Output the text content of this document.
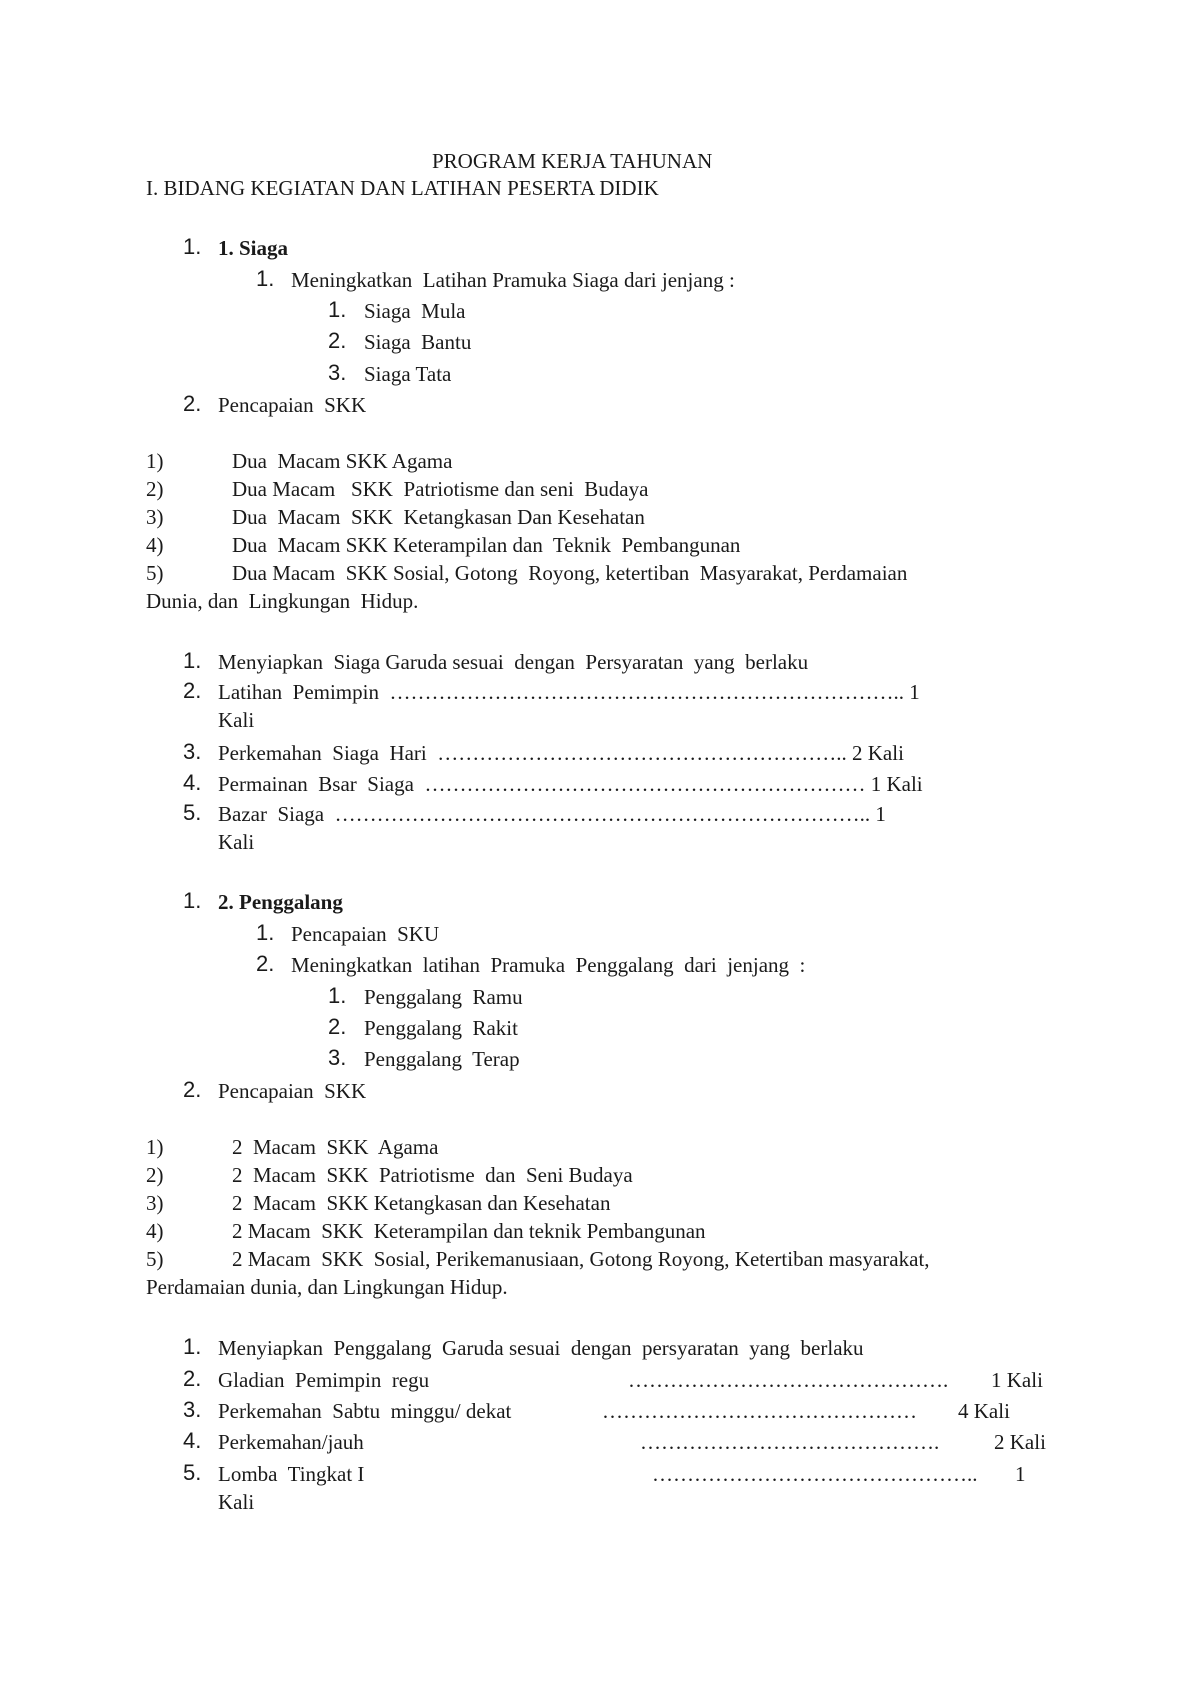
PROGRAM KERJA TAHUNAN
I. BIDANG KEGIATAN DAN LATIHAN PESERTA DIDIK
1. 1. Siaga
1. Meningkatkan  Latihan Pramuka Siaga dari jenjang :
1. Siaga  Mula
2. Siaga  Bantu
3. Siaga Tata
2. Pencapaian  SKK
1)	Dua  Macam SKK Agama
2)	Dua Macam   SKK  Patriotisme dan seni  Budaya
3)	Dua  Macam  SKK  Ketangkasan Dan Kesehatan
4)	Dua  Macam SKK Keterampilan dan  Teknik  Pembangunan
5)	Dua Macam  SKK Sosial, Gotong  Royong, ketertiban  Masyarakat, Perdamaian
Dunia, dan  Lingkungan  Hidup.
1. Menyiapkan  Siaga Garuda sesuai  dengan  Persyaratan  yang  berlaku
2. Latihan  Pemimpin  ……………………………………………………………….. 1
Kali
3. Perkemahan  Siaga  Hari  ………………………………………………….. 2 Kali
4. Permainan  Bsar  Siaga  ……………………………………………………… 1 Kali
5. Bazar  Siaga  ………………………………………………………………….. 1
Kali
1. 2. Penggalang
1. Pencapaian  SKU
2. Meningkatkan  latihan  Pramuka  Penggalang  dari  jenjang  :
1. Penggalang  Ramu
2. Penggalang  Rakit
3. Penggalang  Terap
2. Pencapaian  SKK
1)	2  Macam  SKK  Agama
2)	2  Macam  SKK  Patriotisme  dan  Seni Budaya
3)	2  Macam  SKK Ketangkasan dan Kesehatan
4)	2 Macam  SKK  Keterampilan dan teknik Pembangunan
5)	2 Macam  SKK  Sosial, Perikemanusiaan, Gotong Royong, Ketertiban masyarakat,
Perdamaian dunia, dan Lingkungan Hidup.
1. Menyiapkan  Penggalang  Garuda sesuai  dengan  persyaratan  yang  berlaku
2. Gladian  Pemimpin  regu	………………………………………. 1 Kali
3. Perkemahan  Sabtu  minggu/ dekat	……………………………………… 4 Kali
4. Perkemahan/jauh	…………………………………….	2 Kali
5. Lomba  Tingkat I	……………………………………….. 1
Kali
